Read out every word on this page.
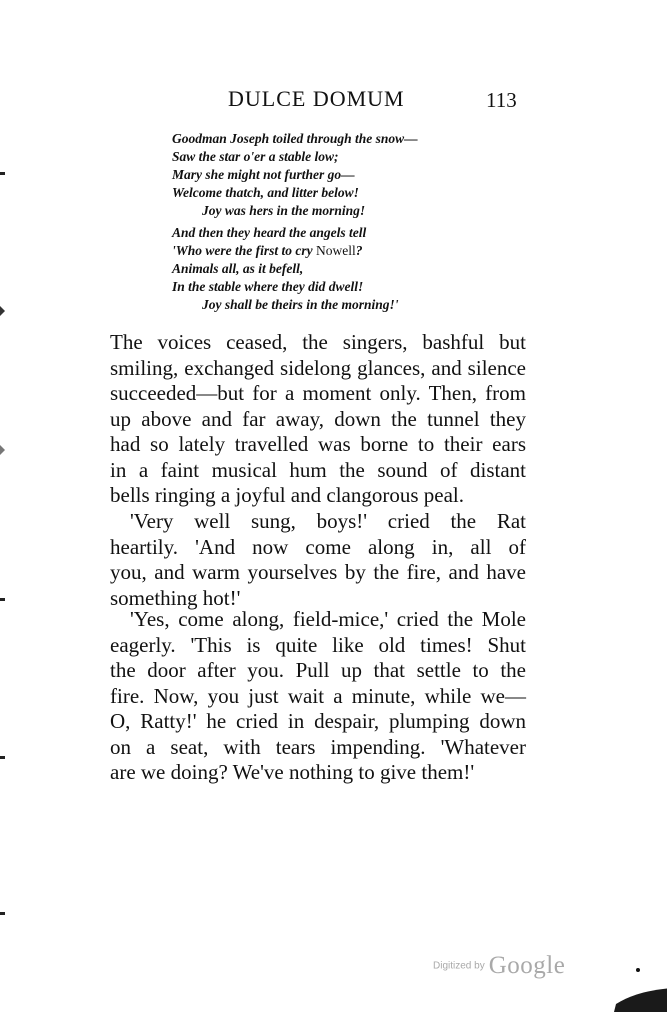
DULCE DOMUM	113
Goodman Joseph toiled through the snow—
Saw the star o'er a stable low;
Mary she might not further go—
Welcome thatch, and litter below!
Joy was hers in the morning!
And then they heard the angels tell
'Who were the first to cry Nowell?
Animals all, as it befell,
In the stable where they did dwell!
Joy shall be theirs in the morning!'
The voices ceased, the singers, bashful but
smiling, exchanged sidelong glances, and silence
succeeded—but for a moment only. Then, from
up above and far away, down the tunnel they
had so lately travelled was borne to their ears
in a faint musical hum the sound of distant
bells ringing a joyful and clangorous peal.
'Very well sung, boys!' cried the Rat
heartily. 'And now come along in, all of
you, and warm yourselves by the fire, and have
something hot!'
'Yes, come along, field-mice,' cried the Mole
eagerly. 'This is quite like old times! Shut
the door after you. Pull up that settle to the
fire. Now, you just wait a minute, while we—
O, Ratty!' he cried in despair, plumping down
on a seat, with tears impending. 'Whatever
are we doing? We've nothing to give them!'
Digitized by Google
